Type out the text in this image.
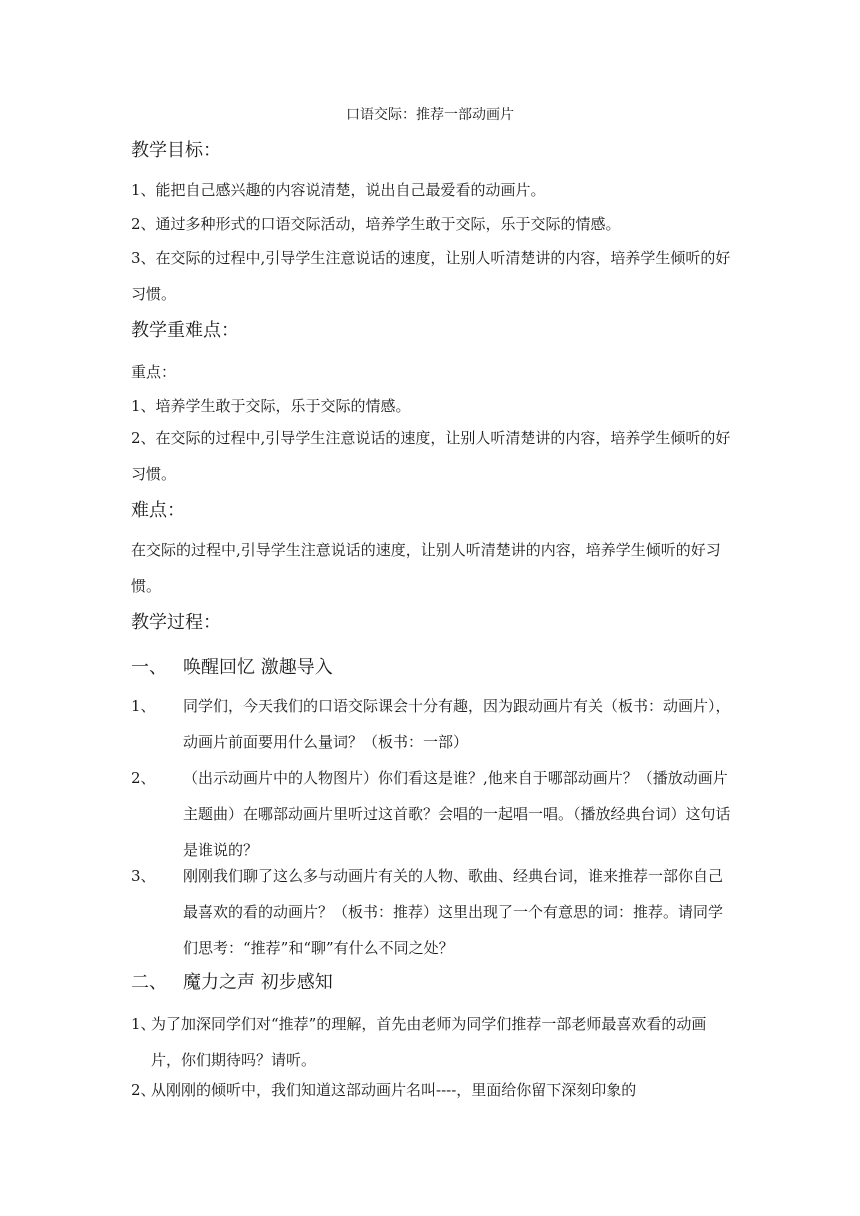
口语交际：推荐一部动画片
教学目标：
1、能把自己感兴趣的内容说清楚，说出自己最爱看的动画片。
2、通过多种形式的口语交际活动，培养学生敢于交际，乐于交际的情感。
3、在交际的过程中,引导学生注意说话的速度，让别人听清楚讲的内容，培养学生倾听的好习惯。
教学重难点：
重点：
1、培养学生敢于交际，乐于交际的情感。
2、在交际的过程中,引导学生注意说话的速度，让别人听清楚讲的内容，培养学生倾听的好习惯。
难点：
在交际的过程中,引导学生注意说话的速度，让别人听清楚讲的内容，培养学生倾听的好习惯。
教学过程：
一、 唤醒回忆 激趣导入
1、 同学们，今天我们的口语交际课会十分有趣，因为跟动画片有关（板书：动画片），动画片前面要用什么量词？（板书：一部）
2、 （出示动画片中的人物图片）你们看这是谁？,他来自于哪部动画片？（播放动画片主题曲）在哪部动画片里听过这首歌？会唱的一起唱一唱。（播放经典台词）这句话是谁说的？
3、 刚刚我们聊了这么多与动画片有关的人物、歌曲、经典台词，谁来推荐一部你自己最喜欢的看的动画片？（板书：推荐）这里出现了一个有意思的词：推荐。请同学们思考：“推荐”和“聊”有什么不同之处？
二、 魔力之声 初步感知
1、
为了加深同学们对“推荐”的理解，首先由老师为同学们推荐一部老师最喜欢看的动画片，你们期待吗？请听。
2、
从刚刚的倾听中，我们知道这部动画片名叫----，里面给你留下深刻印象的
